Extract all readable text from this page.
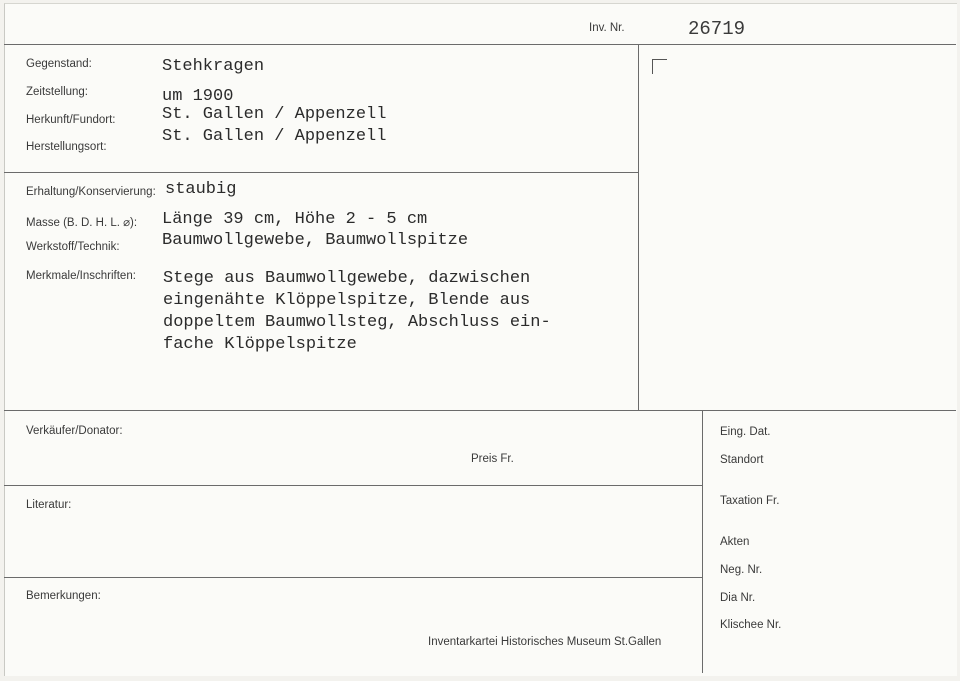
Inv. Nr.	26719
Gegenstand:	Stehkragen
Zeitstellung:	um 1900
Herkunft/Fundort:	St. Gallen / Appenzell
Herstellungsort:
St. Gallen / Appenzell
Erhaltung/Konservierung: staubig
Masse (B. D. H. L. ⌀): Länge 39 cm, Höhe 2 - 5 cm
Werkstoff/Technik: Baumwollgewebe, Baumwollspitze
Merkmale/Inschriften: Stege aus Baumwollgewebe, dazwischen
eingenähte Klöppelspitze, Blende aus
doppeltem Baumwollsteg, Abschluss ein-
fache Klöppelspitze
Verkäufer/Donator:
Preis Fr.
Literatur:
Bemerkungen:
Inventarkartei Historisches Museum St.Gallen
Eing. Dat.
Standort
Taxation Fr.
Akten
Neg. Nr.
Dia Nr.
Klischee Nr.
